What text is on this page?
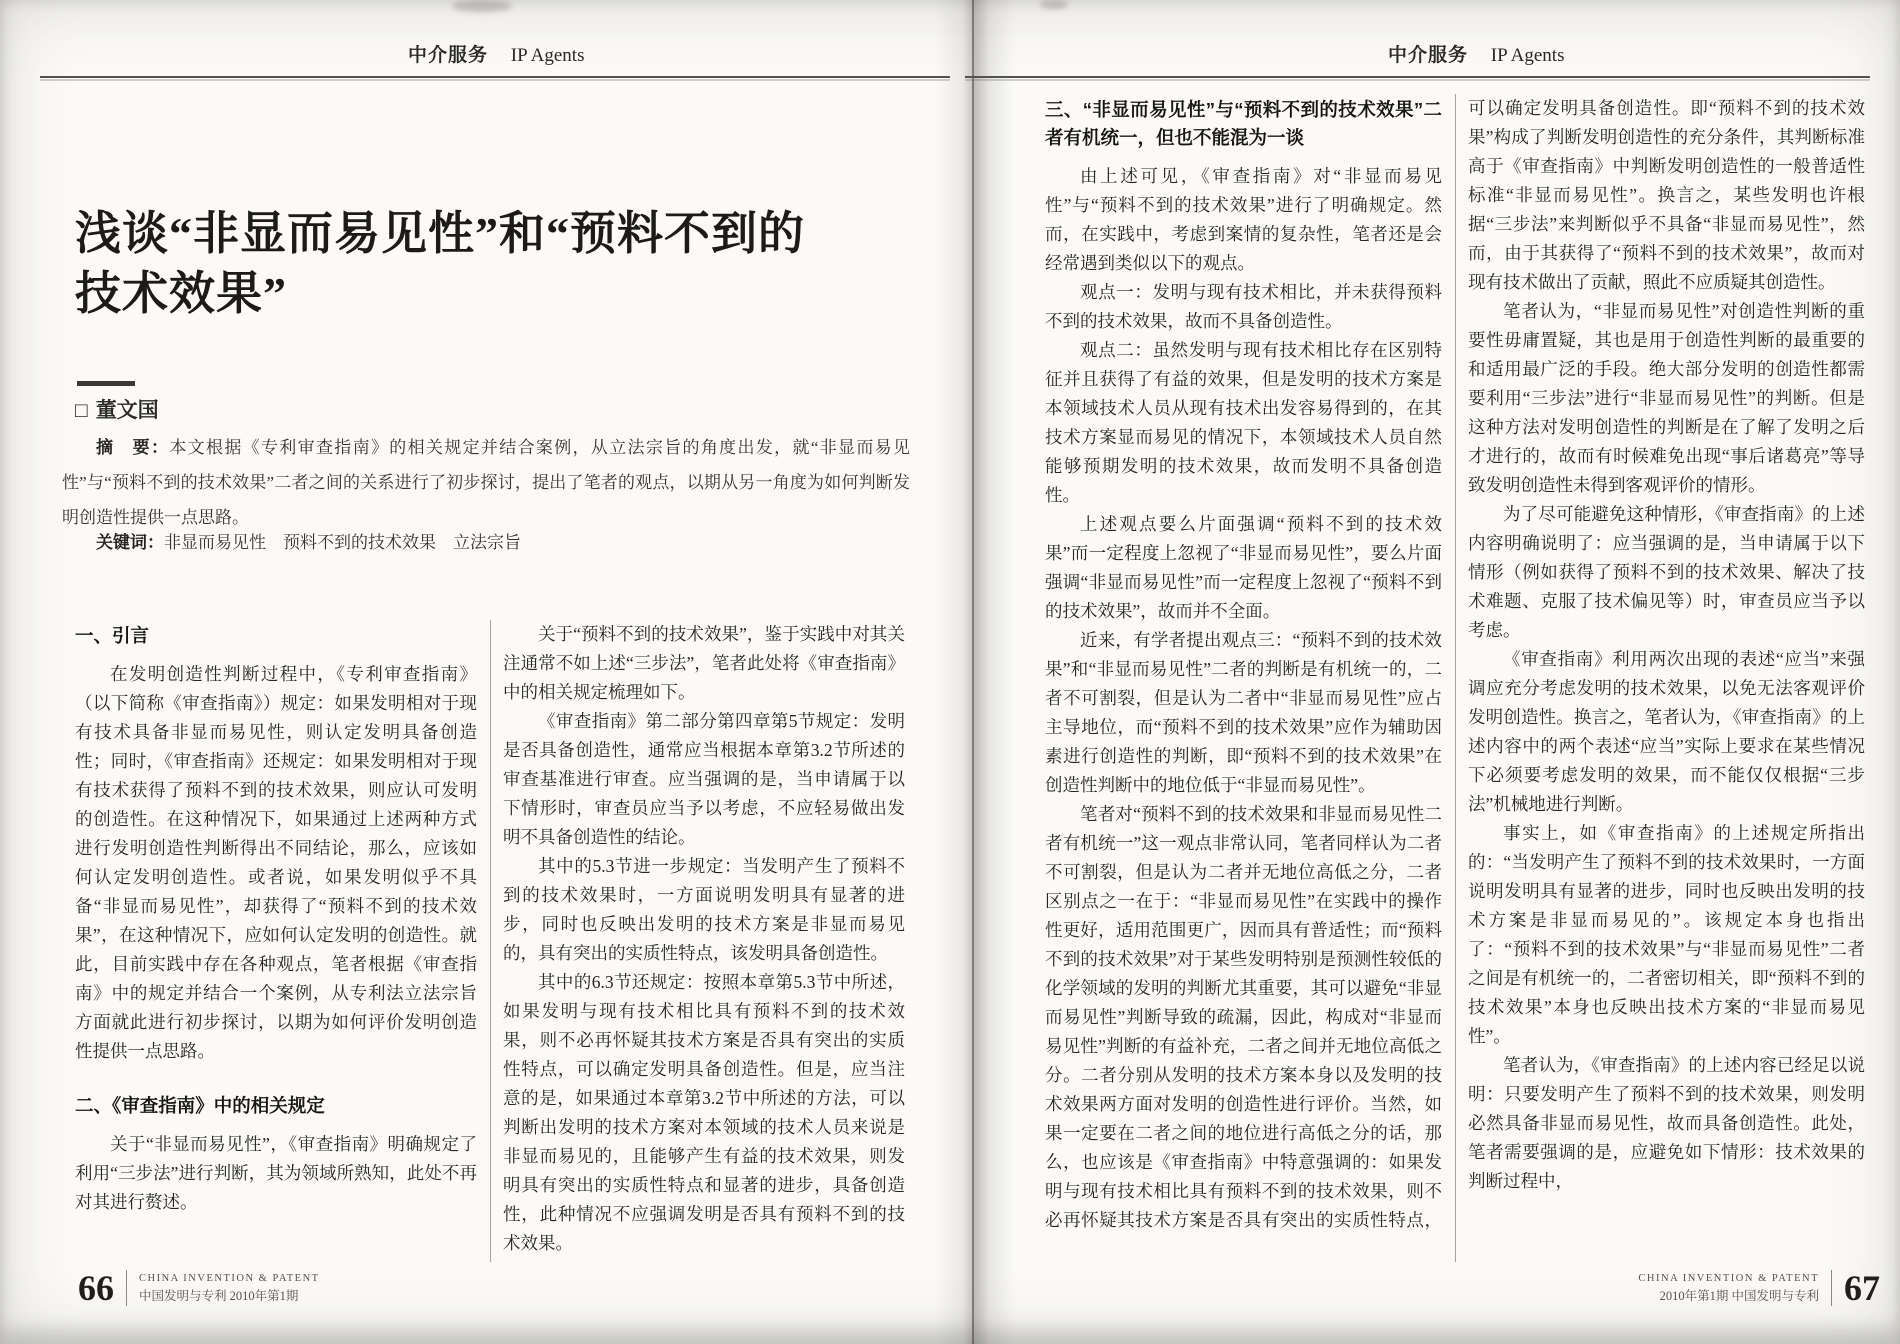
中介服务 IP Agents
浅谈“非显而易见性”和“预料不到的
技术效果”
□ 董文国

摘　要：本文根据《专利审查指南》的相关规定并结合案例，从立法宗旨的角度出发，就“非显而易见性”与“预料不到的技术效果”二者之间的关系进行了初步探讨，提出了笔者的观点，以期从另一角度为如何判断发明创造性提供一点思路。

关键词：非显而易见性　预料不到的技术效果　立法宗旨

一、引言

在发明创造性判断过程中，《专利审查指南》（以下简称《审查指南》）规定：如果发明相对于现有技术具备非显而易见性，则认定发明具备创造性；同时，《审查指南》还规定：如果发明相对于现有技术获得了预料不到的技术效果，则应认可发明的创造性。在这种情况下，如果通过上述两种方式进行发明创造性判断得出不同结论，那么，应该如何认定发明创造性。或者说，如果发明似乎不具备“非显而易见性”，却获得了“预料不到的技术效果”，在这种情况下，应如何认定发明的创造性。就此，目前实践中存在各种观点，笔者根据《审查指南》中的规定并结合一个案例，从专利法立法宗旨方面就此进行初步探讨，以期为如何评价发明创造性提供一点思路。

二、《审查指南》中的相关规定

关于“非显而易见性”，《审查指南》明确规定了利用“三步法”进行判断，其为领域所熟知，此处不再对其进行赘述。

关于“预料不到的技术效果”，鉴于实践中对其关注通常不如上述“三步法”，笔者此处将《审查指南》中的相关规定梳理如下。

《审查指南》第二部分第四章第5节规定：发明是否具备创造性，通常应当根据本章第3.2节所述的审查基准进行审查。应当强调的是，当申请属于以下情形时，审查员应当予以考虑，不应轻易做出发明不具备创造性的结论。

其中的5.3节进一步规定：当发明产生了预料不到的技术效果时，一方面说明发明具有显著的进步，同时也反映出发明的技术方案是非显而易见的，具有突出的实质性特点，该发明具备创造性。

其中的6.3节还规定：按照本章第5.3节中所述，如果发明与现有技术相比具有预料不到的技术效果，则不必再怀疑其技术方案是否具有突出的实质性特点，可以确定发明具备创造性。但是，应当注意的是，如果通过本章第3.2节中所述的方法，可以判断出发明的技术方案对本领域的技术人员来说是非显而易见的，且能够产生有益的技术效果，则发明具有突出的实质性特点和显著的进步，具备创造性，此种情况不应强调发明是否具有预料不到的技术效果。

66 CHINA INVENTION & PATENT
中国发明与专利 2010年第1期
中介服务 IP Agents
三、“非显而易见性”与“预料不到的技术效果”二者有机统一，但也不能混为一谈

由上述可见，《审查指南》对“非显而易见性”与“预料不到的技术效果”进行了明确规定。然而，在实践中，考虑到案情的复杂性，笔者还是会经常遇到类似以下的观点。

观点一：发明与现有技术相比，并未获得预料不到的技术效果，故而不具备创造性。

观点二：虽然发明与现有技术相比存在区别特征并且获得了有益的效果，但是发明的技术方案是本领域技术人员从现有技术出发容易得到的，在其技术方案显而易见的情况下，本领域技术人员自然能够预期发明的技术效果，故而发明不具备创造性。

上述观点要么片面强调“预料不到的技术效果”而一定程度上忽视了“非显而易见性”，要么片面强调“非显而易见性”而一定程度上忽视了“预料不到的技术效果”，故而并不全面。

近来，有学者提出观点三：“预料不到的技术效果”和“非显而易见性”二者的判断是有机统一的，二者不可割裂，但是认为二者中“非显而易见性”应占主导地位，而“预料不到的技术效果”应作为辅助因素进行创造性的判断，即“预料不到的技术效果”在创造性判断中的地位低于“非显而易见性”。

笔者对“预料不到的技术效果和非显而易见性二者有机统一”这一观点非常认同，笔者同样认为二者不可割裂，但是认为二者并无地位高低之分，二者区别点之一在于：“非显而易见性”在实践中的操作性更好，适用范围更广，因而具有普适性；而“预料不到的技术效果”对于某些发明特别是预测性较低的化学领域的发明的判断尤其重要，其可以避免“非显而易见性”判断导致的疏漏，因此，构成对“非显而易见性”判断的有益补充，二者之间并无地位高低之分。二者分别从发明的技术方案本身以及发明的技术效果两方面对发明的创造性进行评价。当然，如果一定要在二者之间的地位进行高低之分的话，那么，也应该是《审查指南》中特意强调的：如果发明与现有技术相比具有预料不到的技术效果，则不必再怀疑其技术方案是否具有突出的实质性特点，可以确定发明具备创造性。即“预料不到的技术效果”构成了判断发明创造性的充分条件，其判断标准高于《审查指南》中判断发明创造性的一般普适性标准“非显而易见性”。换言之，某些发明也许根据“三步法”来判断似乎不具备“非显而易见性”，然而，由于其获得了“预料不到的技术效果”，故而对现有技术做出了贡献，照此不应质疑其创造性。

笔者认为，“非显而易见性”对创造性判断的重要性毋庸置疑，其也是用于创造性判断的最重要的和适用最广泛的手段。绝大部分发明的创造性都需要利用“三步法”进行“非显而易见性”的判断。但是这种方法对发明创造性的判断是在了解了发明之后才进行的，故而有时候难免出现“事后诸葛亮”等导致发明创造性未得到客观评价的情形。

为了尽可能避免这种情形，《审查指南》的上述内容明确说明了：应当强调的是，当申请属于以下情形（例如获得了预料不到的技术效果、解决了技术难题、克服了技术偏见等）时，审查员应当予以考虑。

《审查指南》利用两次出现的表述“应当”来强调应充分考虑发明的技术效果，以免无法客观评价发明创造性。换言之，笔者认为，《审查指南》的上述内容中的两个表述“应当”实际上要求在某些情况下必须要考虑发明的效果，而不能仅仅根据“三步法”机械地进行判断。

事实上，如《审查指南》的上述规定所指出的：“当发明产生了预料不到的技术效果时，一方面说明发明具有显著的进步，同时也反映出发明的技术方案是非显而易见的”。该规定本身也指出了：“预料不到的技术效果”与“非显而易见性”二者之间是有机统一的，二者密切相关，即“预料不到的技术效果”本身也反映出技术方案的“非显而易见性”。

笔者认为，《审查指南》的上述内容已经足以说明：只要发明产生了预料不到的技术效果，则发明必然具备非显而易见性，故而具备创造性。此处，笔者需要强调的是，应避免如下情形：技术效果的判断过程中，

CHINA INVENTION & PATENT
2010年第1期 中国发明与专利 67
